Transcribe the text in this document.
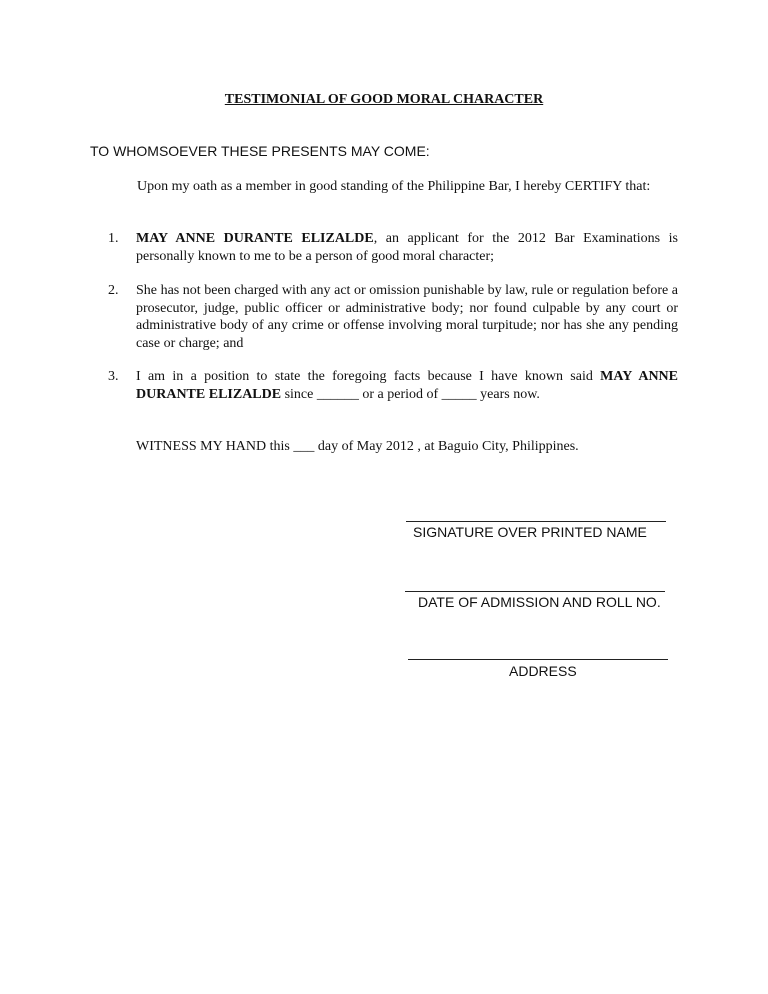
TESTIMONIAL OF GOOD MORAL CHARACTER
TO WHOMSOEVER THESE PRESENTS MAY COME:
Upon my oath as a member in good standing of the Philippine Bar, I hereby CERTIFY that:
1.	MAY ANNE DURANTE ELIZALDE, an applicant for the 2012 Bar Examinations is personally known to me to be a person of good moral character;
2.	She has not been charged with any act or omission punishable by law, rule or regulation before a prosecutor, judge, public officer or administrative body; nor found culpable by any court or administrative body of any crime or offense involving moral turpitude; nor has she any pending case or charge; and
3.	I am in a position to state the foregoing facts because I have known said MAY ANNE DURANTE ELIZALDE since ______ or a period of _____ years now.
WITNESS MY HAND this ___ day of May 2012 , at Baguio City, Philippines.
SIGNATURE OVER PRINTED NAME
DATE OF ADMISSION AND ROLL NO.
ADDRESS
